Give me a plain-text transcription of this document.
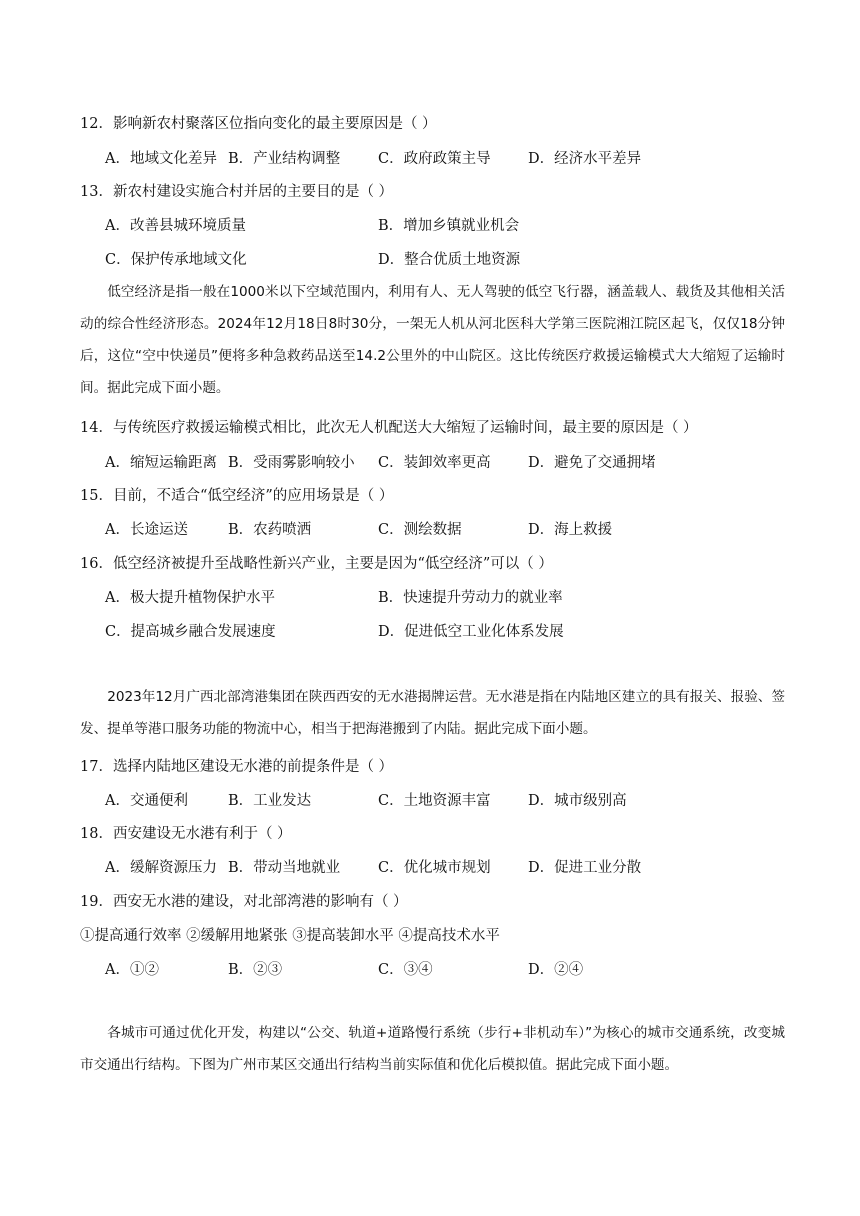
12．影响新农村聚落区位指向变化的最主要原因是（ ）
A．地域文化差异 B．产业结构调整	C．政府政策主导	D．经济水平差异
13．新农村建设实施合村并居的主要目的是（ ）
A．改善县城环境质量	B．增加乡镇就业机会
C．保护传承地域文化	D．整合优质土地资源

低空经济是指一般在1000米以下空域范围内，利用有人、无人驾驶的低空飞行器，涵盖载人、载货及其他相关活动的综合性经济形态。2024年12月18日8时30分，一架无人机从河北医科大学第三医院湘江院区起飞，仅仅18分钟后，这位“空中快递员”便将多种急救药品送至14.2公里外的中山院区。这比传统医疗救援运输模式大大缩短了运输时间。据此完成下面小题。

14．与传统医疗救援运输模式相比，此次无人机配送大大缩短了运输时间，最主要的原因是（ ）
A．缩短运输距离 B．受雨雾影响较小 C．装卸效率更高	D．避免了交通拥堵
15．目前，不适合“低空经济”的应用场景是（ ）
A．长途运送	B．农药喷洒	C．测绘数据	D．海上救援
16．低空经济被提升至战略性新兴产业，主要是因为“低空经济”可以（ ）
A．极大提升植物保护水平	B．快速提升劳动力的就业率
C．提高城乡融合发展速度	D．促进低空工业化体系发展

2023年12月广西北部湾港集团在陕西西安的无水港揭牌运营。无水港是指在内陆地区建立的具有报关、报验、签发、提单等港口服务功能的物流中心，相当于把海港搬到了内陆。据此完成下面小题。

17．选择内陆地区建设无水港的前提条件是（ ）
A．交通便利	B．工业发达	C．土地资源丰富	D．城市级别高
18．西安建设无水港有利于（ ）
A．缓解资源压力 B．带动当地就业	C．优化城市规划	D．促进工业分散
19．西安无水港的建设，对北部湾港的影响有（ ）
①提高通行效率 ②缓解用地紧张 ③提高装卸水平 ④提高技术水平
A．①②	B．②③	C．③④	D．②④

各城市可通过优化开发，构建以“公交、轨道+道路慢行系统（步行+非机动车）”为核心的城市交通系统，改变城市交通出行结构。下图为广州市某区交通出行结构当前实际值和优化后模拟值。据此完成下面小题。
